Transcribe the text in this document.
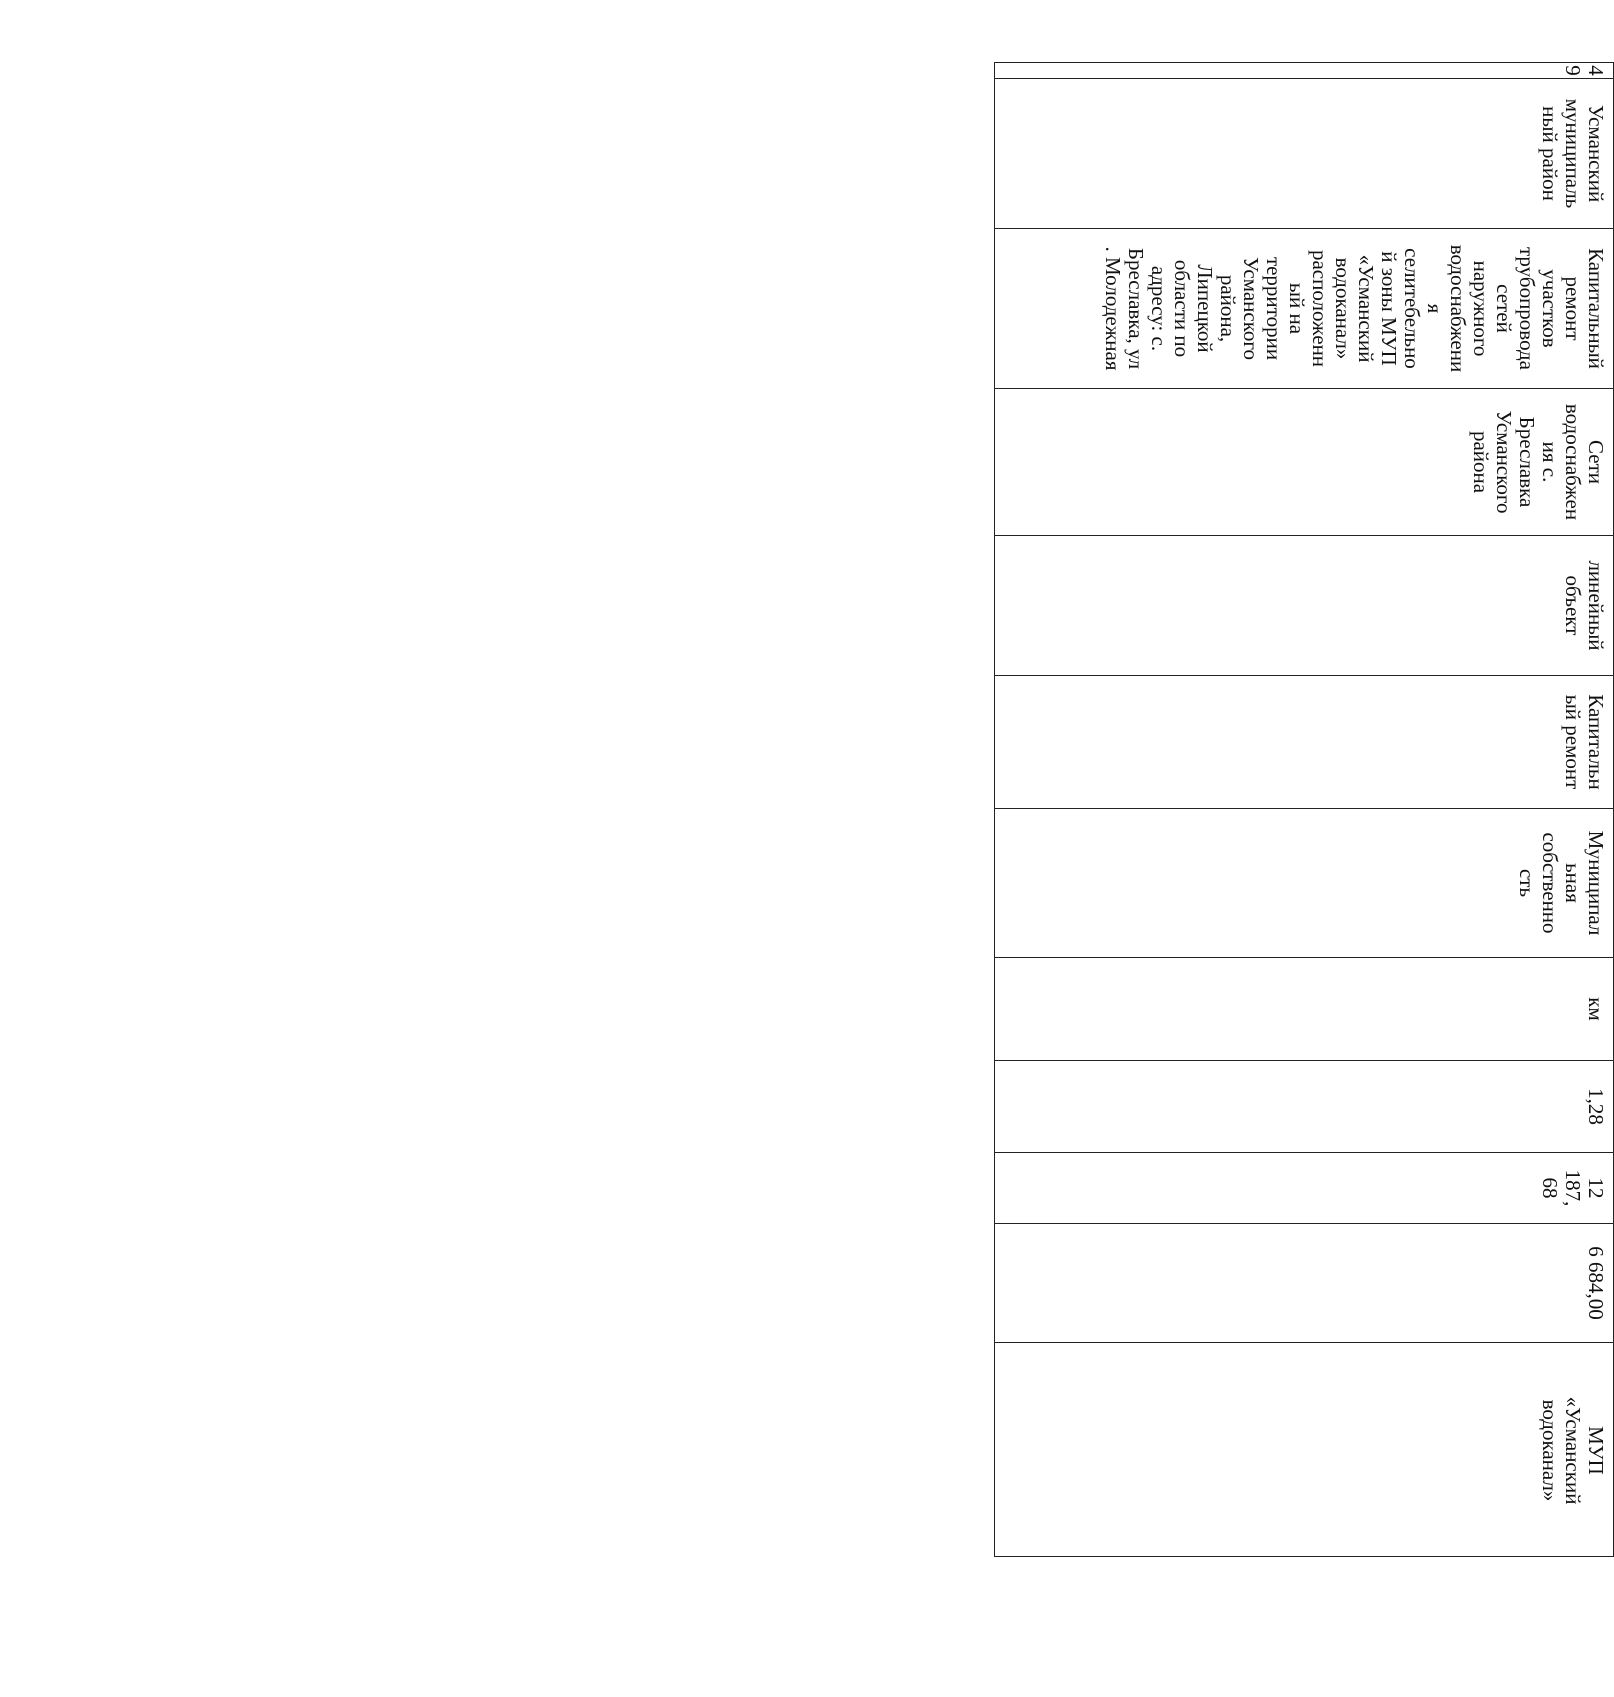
4
9
Усманский
муниципаль
ный район
Капитальный
ремонт
участков
трубопровода
сетей
наружного
водоснабжени
я
селитебельно
й зоны МУП
«Усманский
водоканал»
расположенн
ый на
территории
Усманского
района,
Липецкой
области по
адресу: с.
Бреславка, ул
. Молодежная
Сети
водоснабжен
ия с.
Бреславка
Усманского
района
линейный
объект
Капитальн
ый ремонт
Муниципал
ьная
собственно
сть
км
1,28
12
187,
68
6 684,00
МУП
«Усманский
водоканал»
